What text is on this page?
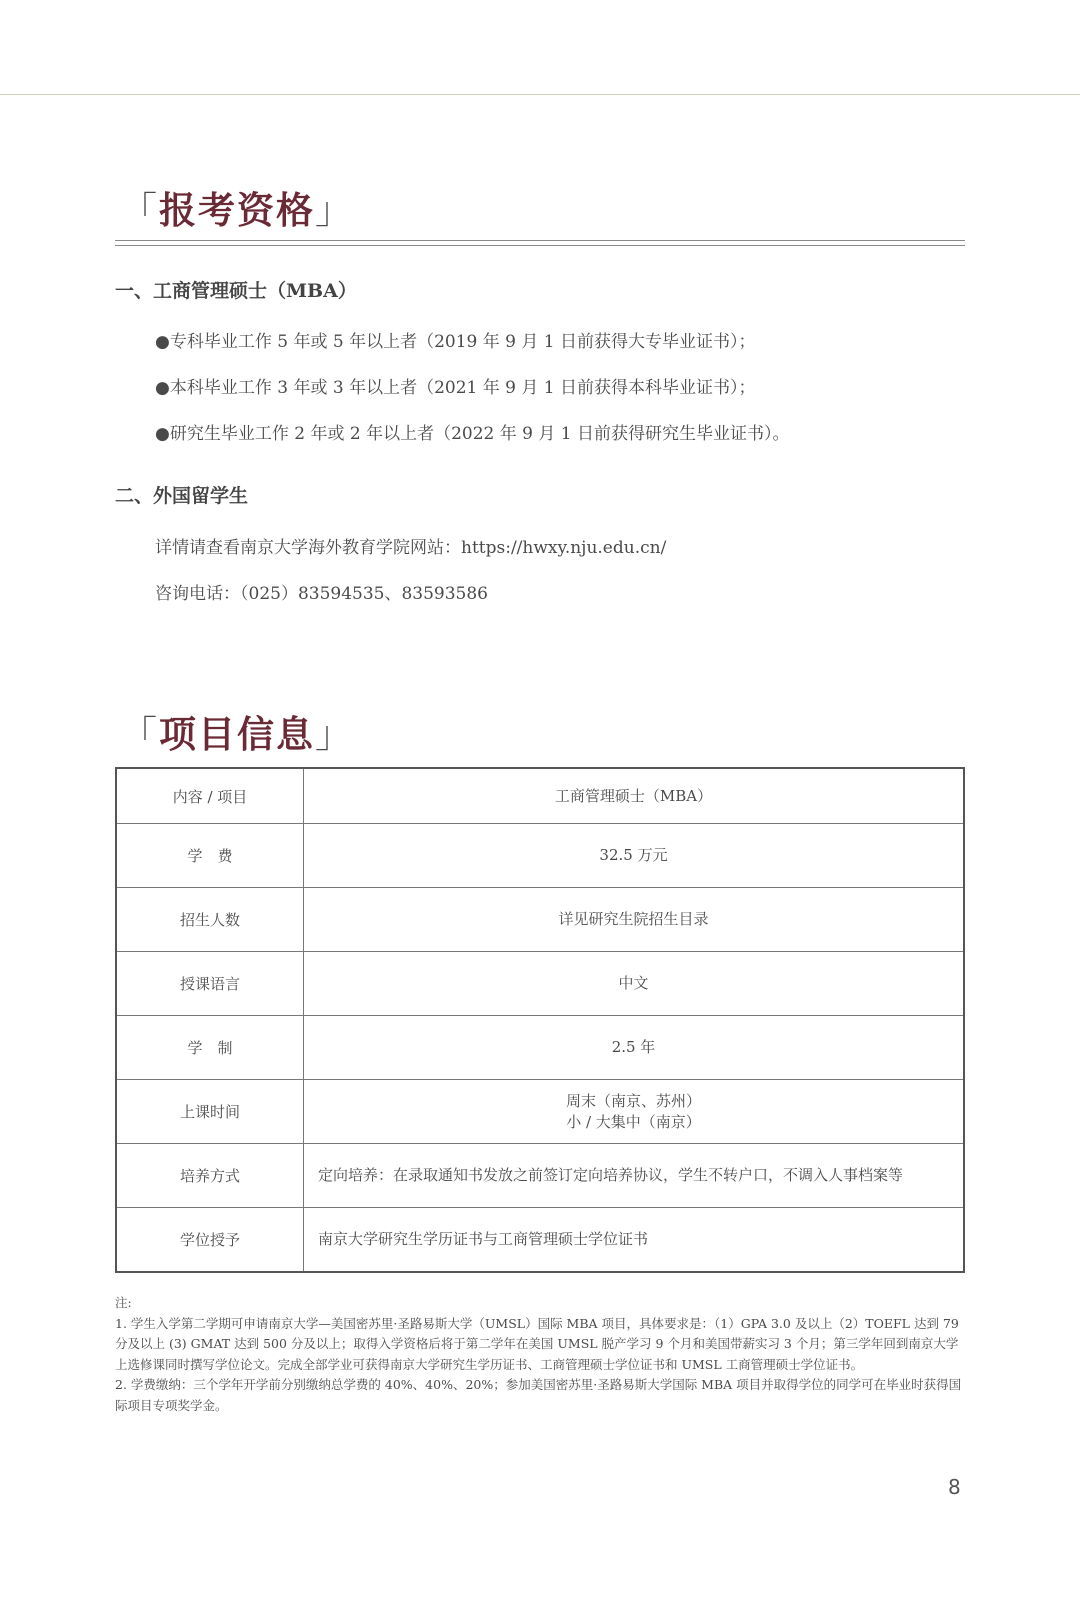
「报考资格」
一、工商管理硕士（MBA）
●专科毕业工作 5 年或 5 年以上者（2019 年 9 月 1 日前获得大专毕业证书）；
●本科毕业工作 3 年或 3 年以上者（2021 年 9 月 1 日前获得本科毕业证书）；
●研究生毕业工作 2 年或 2 年以上者（2022 年 9 月 1 日前获得研究生毕业证书）。
二、外国留学生
详情请查看南京大学海外教育学院网站：https://hwxy.nju.edu.cn/
咨询电话：（025）83594535、83593586
「项目信息」
内容 / 项目	工商管理硕士（MBA）
学　费	32.5 万元
招生人数	详见研究生院招生目录
授课语言	中文
学　制	2.5 年
上课时间	周末（南京、苏州）
小 / 大集中（南京）

培养方式	定向培养：在录取通知书发放之前签订定向培养协议，学生不转户口，不调入人事档案等
学位授予	南京大学研究生学历证书与工商管理硕士学位证书

注:

1. 学生入学第二学期可申请南京大学—美国密苏里·圣路易斯大学（UMSL）国际 MBA 项目，具体要求是：（1）GPA 3.0 及以上（2）TOEFL 达到 79 分及以上 (3) GMAT 达到 500 分及以上；取得入学资格后将于第二学年在美国 UMSL 脱产学习 9 个月和美国带薪实习 3 个月；第三学年回到南京大学上选修课同时撰写学位论文。完成全部学业可获得南京大学研究生学历证书、工商管理硕士学位证书和 UMSL 工商管理硕士学位证书。

2. 学费缴纳：三个学年开学前分别缴纳总学费的 40%、40%、20%；参加美国密苏里·圣路易斯大学国际 MBA 项目并取得学位的同学可在毕业时获得国际项目专项奖学金。

8
